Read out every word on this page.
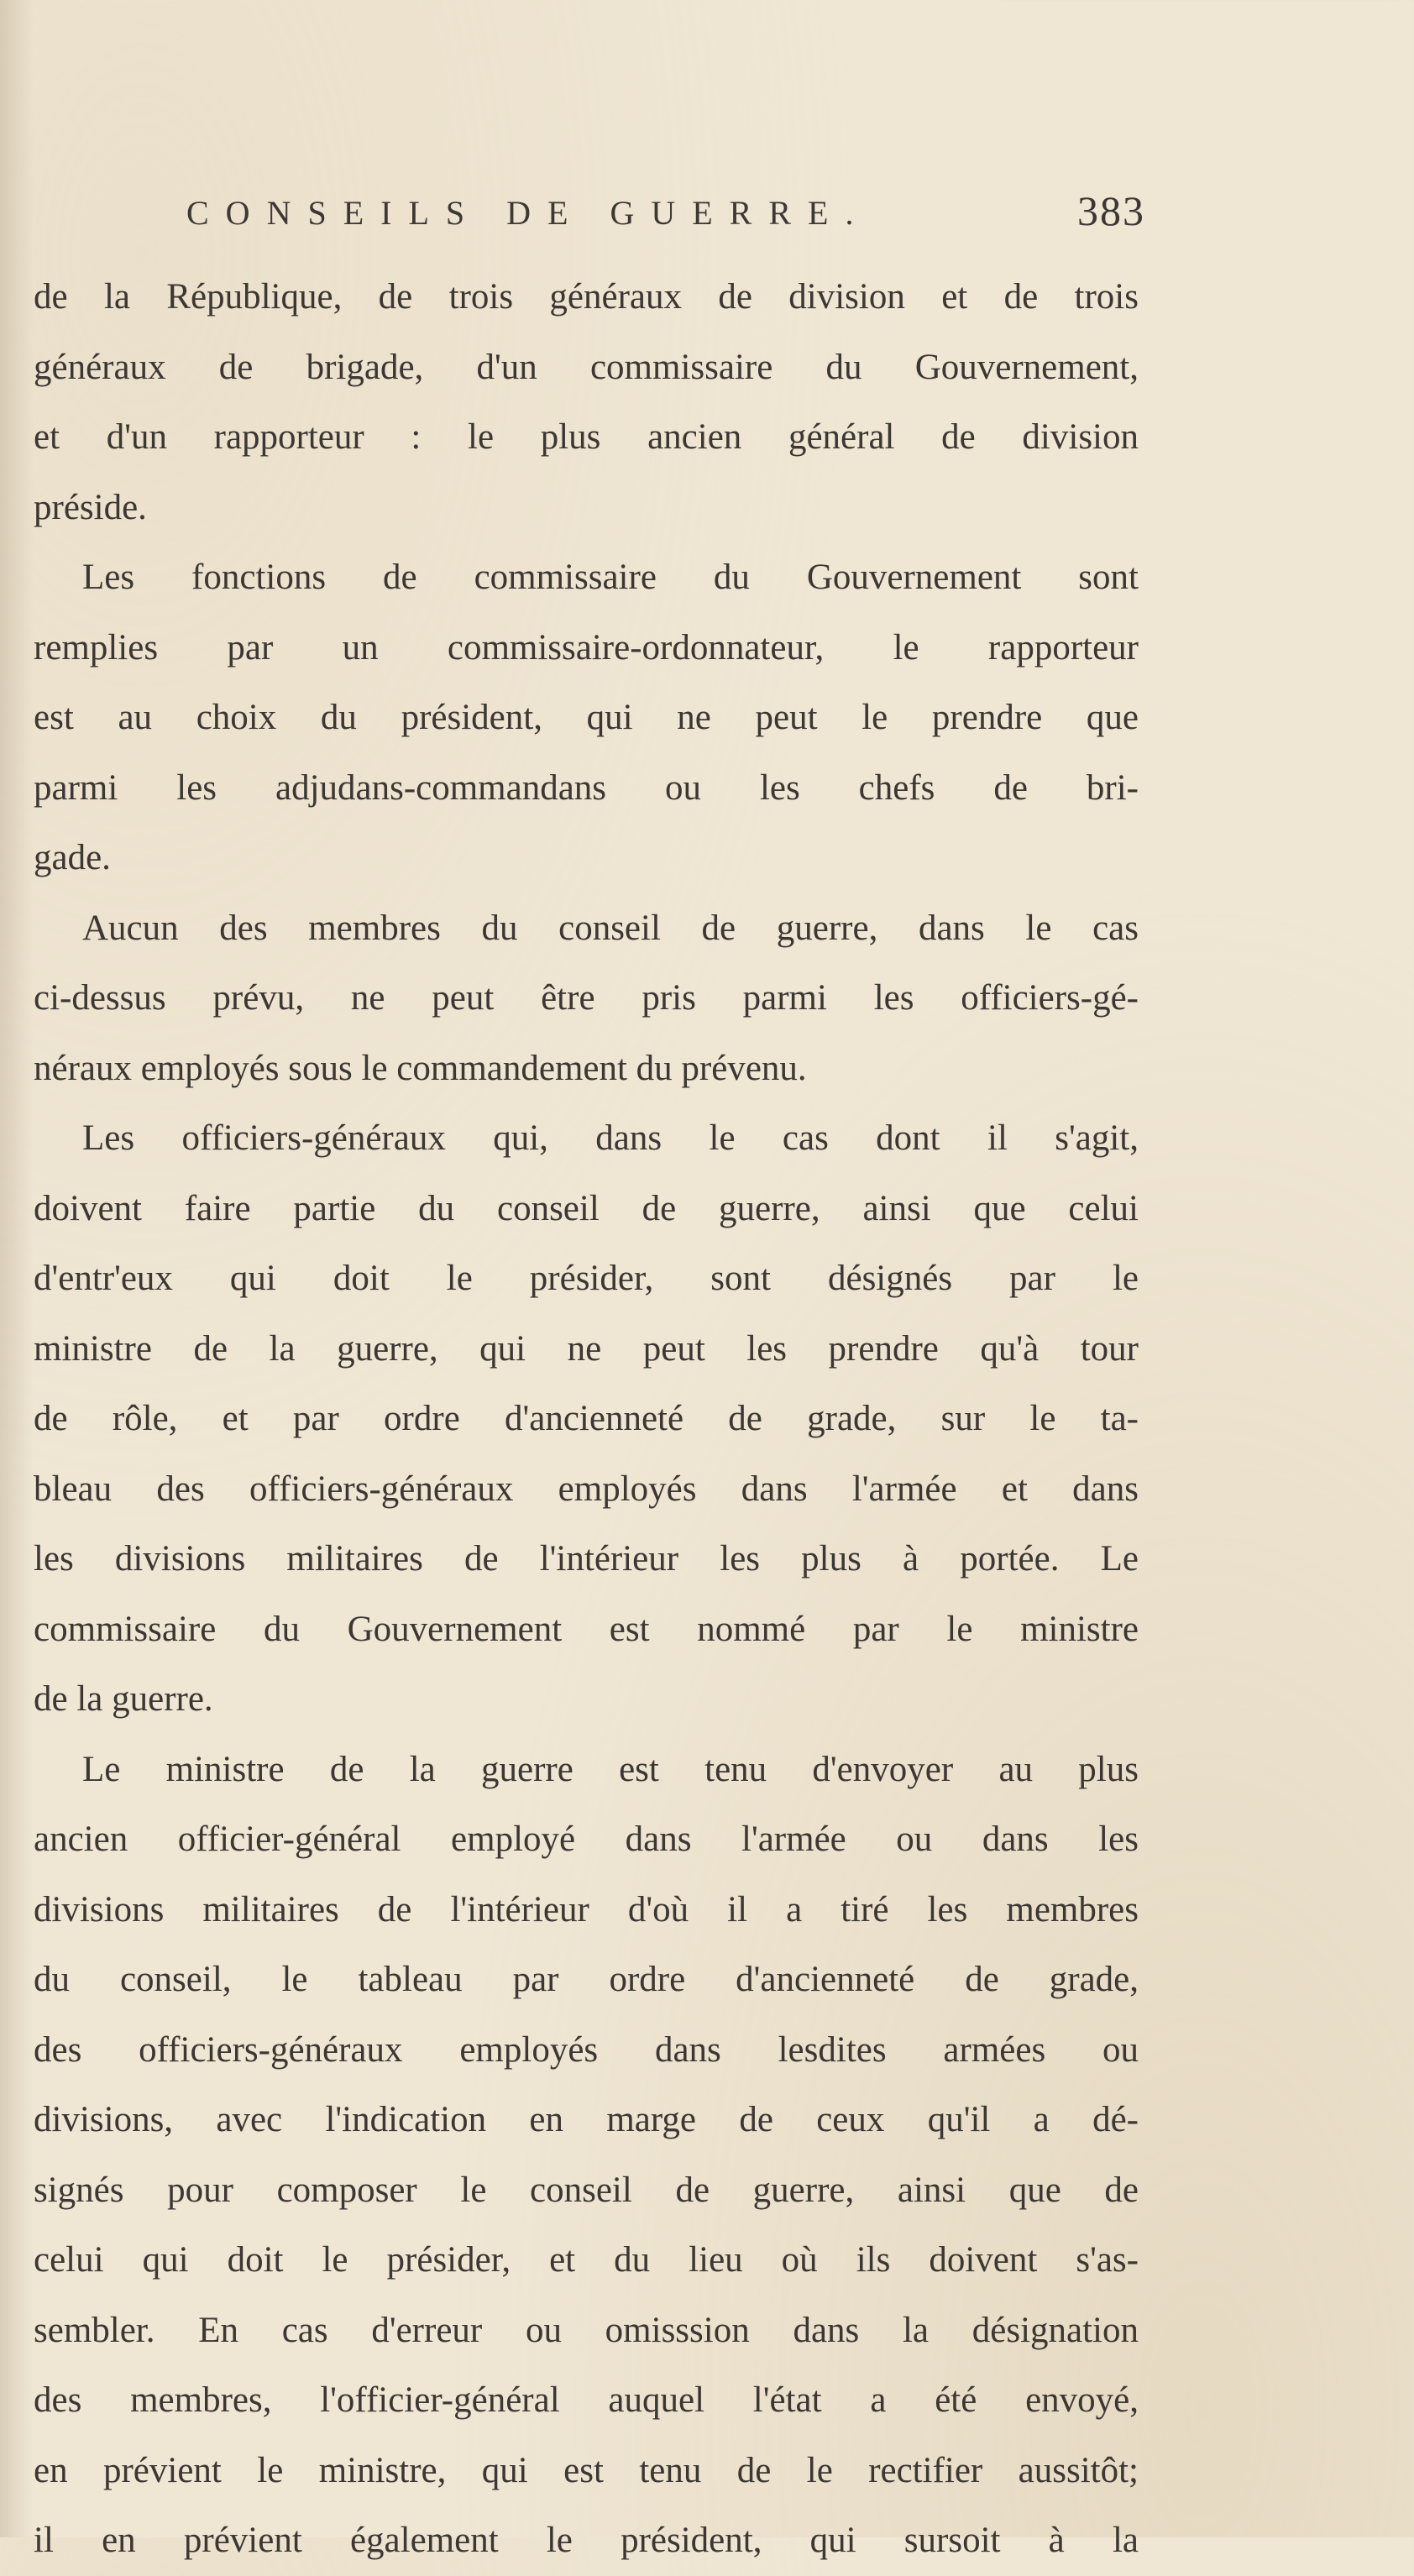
CONSEILS DE GUERRE.	383
de la République, de trois généraux de division et de trois
généraux de brigade, d'un commissaire du Gouvernement,
et d'un rapporteur : le plus ancien général de division
préside.
Les fonctions de commissaire du Gouvernement sont
remplies par un commissaire-ordonnateur, le rapporteur
est au choix du président, qui ne peut le prendre que
parmi les adjudans-commandans ou les chefs de bri-
gade.
Aucun des membres du conseil de guerre, dans le cas
ci-dessus prévu, ne peut être pris parmi les officiers-gé-
néraux employés sous le commandement du prévenu.
Les officiers-généraux qui, dans le cas dont il s'agit,
doivent faire partie du conseil de guerre, ainsi que celui
d'entr'eux qui doit le présider, sont désignés par le
ministre de la guerre, qui ne peut les prendre qu'à tour
de rôle, et par ordre d'ancienneté de grade, sur le ta-
bleau des officiers-généraux employés dans l'armée et dans
les divisions militaires de l'intérieur les plus à portée. Le
commissaire du Gouvernement est nommé par le ministre
de la guerre.
Le ministre de la guerre est tenu d'envoyer au plus
ancien officier-général employé dans l'armée ou dans les
divisions militaires de l'intérieur d'où il a tiré les membres
du conseil, le tableau par ordre d'ancienneté de grade,
des officiers-généraux employés dans lesdites armées ou
divisions, avec l'indication en marge de ceux qu'il a dé-
signés pour composer le conseil de guerre, ainsi que de
celui qui doit le présider, et du lieu où ils doivent s'as-
sembler. En cas d'erreur ou omisssion dans la désignation
des membres, l'officier-général auquel l'état a été envoyé,
en prévient le ministre, qui est tenu de le rectifier aussitôt;
il en prévient également le président, qui sursoit à la
